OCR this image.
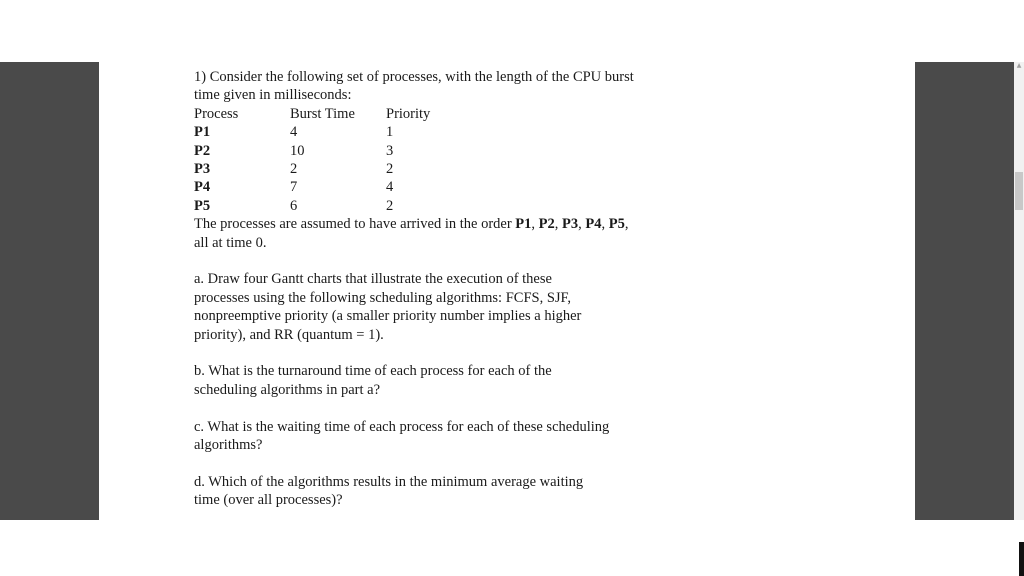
▲

1) Consider the following set of processes, with the length of the CPU burst

time given in milliseconds:

Process	Burst Time	Priority
P1	4	1
P2	10	3
P3	2	2
P4	7	4
P5	6	2

The processes are assumed to have arrived in the order P1, P2, P3, P4, P5,

all at time 0.

a. Draw four Gantt charts that illustrate the execution of these

processes using the following scheduling algorithms: FCFS, SJF,

nonpreemptive priority (a smaller priority number implies a higher

priority), and RR (quantum = 1).

b. What is the turnaround time of each process for each of the

scheduling algorithms in part a?

c. What is the waiting time of each process for each of these scheduling

algorithms?

d. Which of the algorithms results in the minimum average waiting

time (over all processes)?
